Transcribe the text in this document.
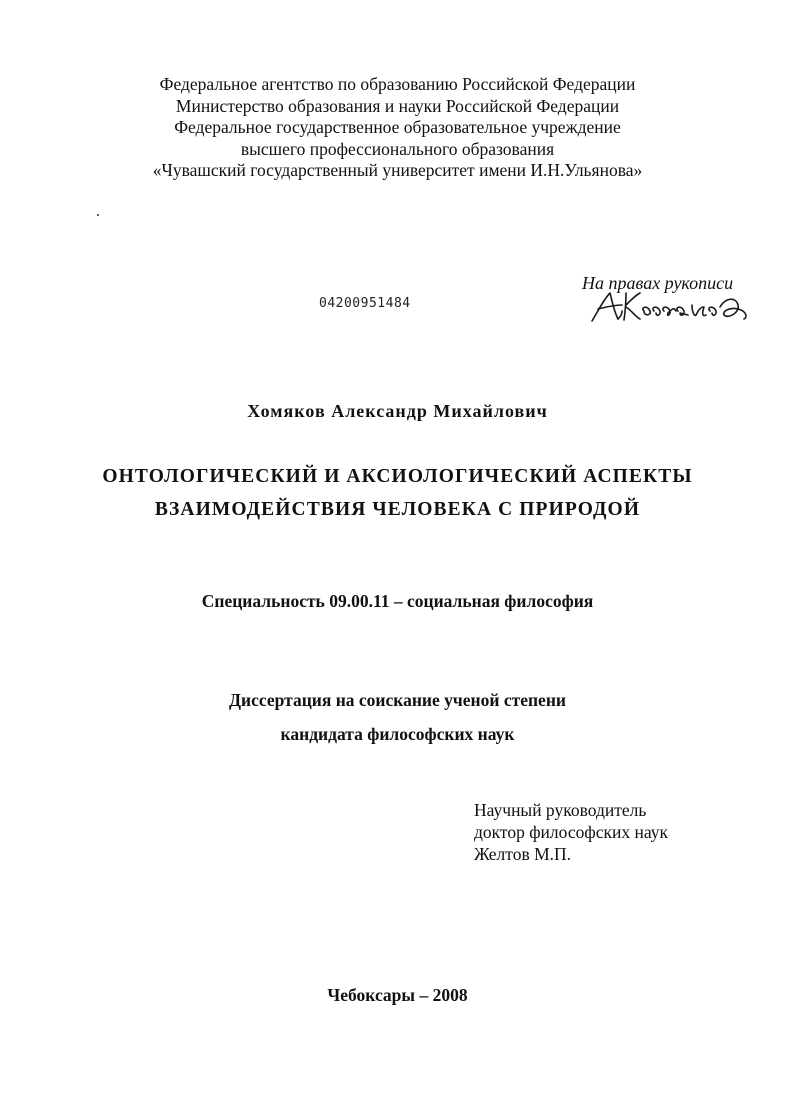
Федеральное агентство по образованию Российской Федерации
Министерство образования и науки Российской Федерации
Федеральное государственное образовательное учреждение
высшего профессионального образования
«Чувашский государственный университет имени И.Н.Ульянова»
04200951484
На правах рукописи
Хомяков Александр Михайлович
ОНТОЛОГИЧЕСКИЙ И АКСИОЛОГИЧЕСКИЙ АСПЕКТЫ
ВЗАИМОДЕЙСТВИЯ ЧЕЛОВЕКА С ПРИРОДОЙ
Специальность 09.00.11 – социальная философия
Диссертация на соискание ученой степени
кандидата философских наук
Научный руководитель
доктор философских наук
Желтов М.П.
Чебоксары – 2008
